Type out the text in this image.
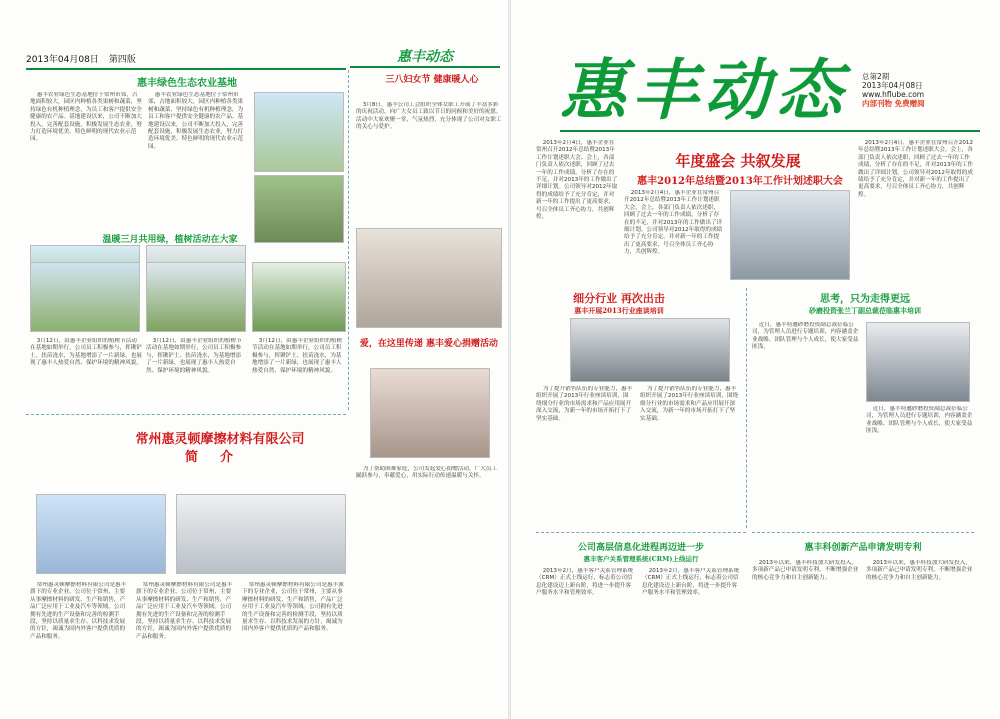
2013年04月08日 第四版	惠丰动态
惠丰绿色生态农业基地

惠丰农业绿色生态基地位于常州市郊，占地面积较大，园区内种植各类果树和蔬菜，坚持绿色有机种植理念，为员工和客户提供安全健康的农产品。基地建设以来，公司不断加大投入，完善配套设施，积极发展生态农业，努力打造环境优美、特色鲜明的现代农业示范园。

惠丰农业绿色生态基地位于常州市郊，占地面积较大，园区内种植各类果树和蔬菜，坚持绿色有机种植理念，为员工和客户提供安全健康的农产品。基地建设以来，公司不断加大投入，完善配套设施，积极发展生态农业，努力打造环境优美、特色鲜明的现代农业示范园。

三八妇女节 健康暖人心

3月8日，惠丰公司工会组织全体女职工开展了丰富多彩的庆祝活动，向广大女员工致以节日的问候和美好的祝愿。活动中大家欢聚一堂，气氛热烈，充分体现了公司对女职工的关心与爱护。

温暖三月共用绿，植树活动在大家

3月12日，由惠丰企业组织的植树节活动在基地如期举行，公司员工积极参与，挥锹铲土、扶苗浇水，为基地增添了一片新绿，也展现了惠丰人热爱自然、保护环境的精神风貌。

3月12日，由惠丰企业组织的植树节活动在基地如期举行，公司员工积极参与，挥锹铲土、扶苗浇水，为基地增添了一片新绿，也展现了惠丰人热爱自然、保护环境的精神风貌。

3月12日，由惠丰企业组织的植树节活动在基地如期举行，公司员工积极参与，挥锹铲土、扶苗浇水，为基地增添了一片新绿，也展现了惠丰人热爱自然、保护环境的精神风貌。

爱，在这里传递 惠丰爱心捐赠活动

为了帮助困难家庭，公司发起爱心捐赠活动，广大员工踊跃参与，奉献爱心，用实际行动传递温暖与关怀。

常州惠灵顿摩擦材料有限公司
简介

常州惠灵顿摩擦材料有限公司是惠丰旗下的专业企业，公司位于常州，主要从事摩擦材料的研发、生产和销售，产品广泛应用于工业及汽车等领域。公司拥有先进的生产设备和完善的检测手段，坚持以质量求生存、以科技求发展的方针，竭诚为国内外客户提供优质的产品和服务。

常州惠灵顿摩擦材料有限公司是惠丰旗下的专业企业，公司位于常州，主要从事摩擦材料的研发、生产和销售，产品广泛应用于工业及汽车等领域。公司拥有先进的生产设备和完善的检测手段，坚持以质量求生存、以科技求发展的方针，竭诚为国内外客户提供优质的产品和服务。

常州惠灵顿摩擦材料有限公司是惠丰旗下的专业企业，公司位于常州，主要从事摩擦材料的研发、生产和销售，产品广泛应用于工业及汽车等领域。公司拥有先进的生产设备和完善的检测手段，坚持以质量求生存、以科技求发展的方针，竭诚为国内外客户提供优质的产品和服务。

惠丰动态	总第2期
2013年04月08日
www.hflube.com
内部刊物 免费赠阅
年度盛会 共叙发展
惠丰2012年总结暨2013年工作计划述职大会

2013年2月4日，惠丰企业在常州召开2012年总结暨2013年工作计划述职大会。会上，各部门负责人依次述职，回顾了过去一年的工作成绩，分析了存在的不足，并对2013年的工作做出了详细计划。公司领导对2012年取得的成绩给予了充分肯定，并对新一年的工作提出了更高要求，号召全体员工齐心协力，共创辉煌。

2013年2月4日，惠丰企业在常州召开2012年总结暨2013年工作计划述职大会。会上，各部门负责人依次述职，回顾了过去一年的工作成绩，分析了存在的不足，并对2013年的工作做出了详细计划。公司领导对2012年取得的成绩给予了充分肯定，并对新一年的工作提出了更高要求，号召全体员工齐心协力，共创辉煌。

2013年2月4日，惠丰企业在常州召开2012年总结暨2013年工作计划述职大会。会上，各部门负责人依次述职，回顾了过去一年的工作成绩，分析了存在的不足，并对2013年的工作做出了详细计划。公司领导对2012年取得的成绩给予了充分肯定，并对新一年的工作提出了更高要求，号召全体员工齐心协力，共创辉煌。

细分行业 再次出击
惠丰开展2013行业座谈培训

为了提升销售队伍的专业能力，惠丰组织开展了2013年行业座谈培训，围绕细分行业的市场需求和产品应用展开深入交流，为新一年的市场开拓打下了坚实基础。

为了提升销售队伍的专业能力，惠丰组织开展了2013年行业座谈培训，围绕细分行业的市场需求和产品应用展开深入交流，为新一年的市场开拓打下了坚实基础。

思考，只为走得更远
砂磨投资张兰丁副总裁莅临惠丰培训

近日，惠丰特邀砂磨投资副总裁莅临公司，为管理人员进行专题培训，内容涵盖企业战略、团队管理与个人成长，使大家受益匪浅。

近日，惠丰特邀砂磨投资副总裁莅临公司，为管理人员进行专题培训，内容涵盖企业战略、团队管理与个人成长，使大家受益匪浅。

公司高层信息化进程再迈进一步
惠丰客户关系管理系统(CRM)上线运行

2013年2月，惠丰客户关系管理系统（CRM）正式上线运行，标志着公司信息化建设迈上新台阶，将进一步提升客户服务水平和管理效率。

2013年2月，惠丰客户关系管理系统（CRM）正式上线运行，标志着公司信息化建设迈上新台阶，将进一步提升客户服务水平和管理效率。

惠丰科创新产品申请发明专利

2013年以来，惠丰科技加大研发投入，多项新产品已申请发明专利，不断增强企业的核心竞争力和自主创新能力。

2013年以来，惠丰科技加大研发投入，多项新产品已申请发明专利，不断增强企业的核心竞争力和自主创新能力。
